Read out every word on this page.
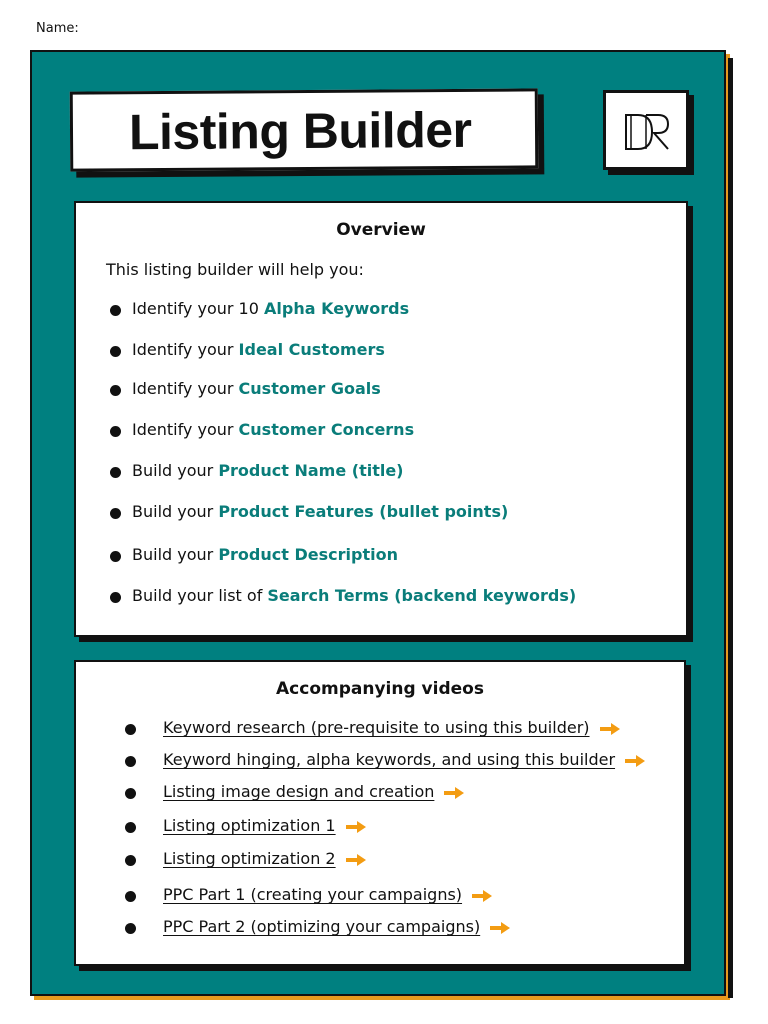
Name:
Listing Builder
Overview
This listing builder will help you:
Identify your 10 Alpha Keywords
Identify your Ideal Customers
Identify your Customer Goals
Identify your Customer Concerns
Build your Product Name (title)
Build your Product Features (bullet points)
Build your Product Description
Build your list of Search Terms (backend keywords)
Accompanying videos
Keyword research (pre-requisite to using this builder)
Keyword hinging, alpha keywords, and using this builder
Listing image design and creation
Listing optimization 1
Listing optimization 2
PPC Part 1 (creating your campaigns)
PPC Part 2 (optimizing your campaigns)
